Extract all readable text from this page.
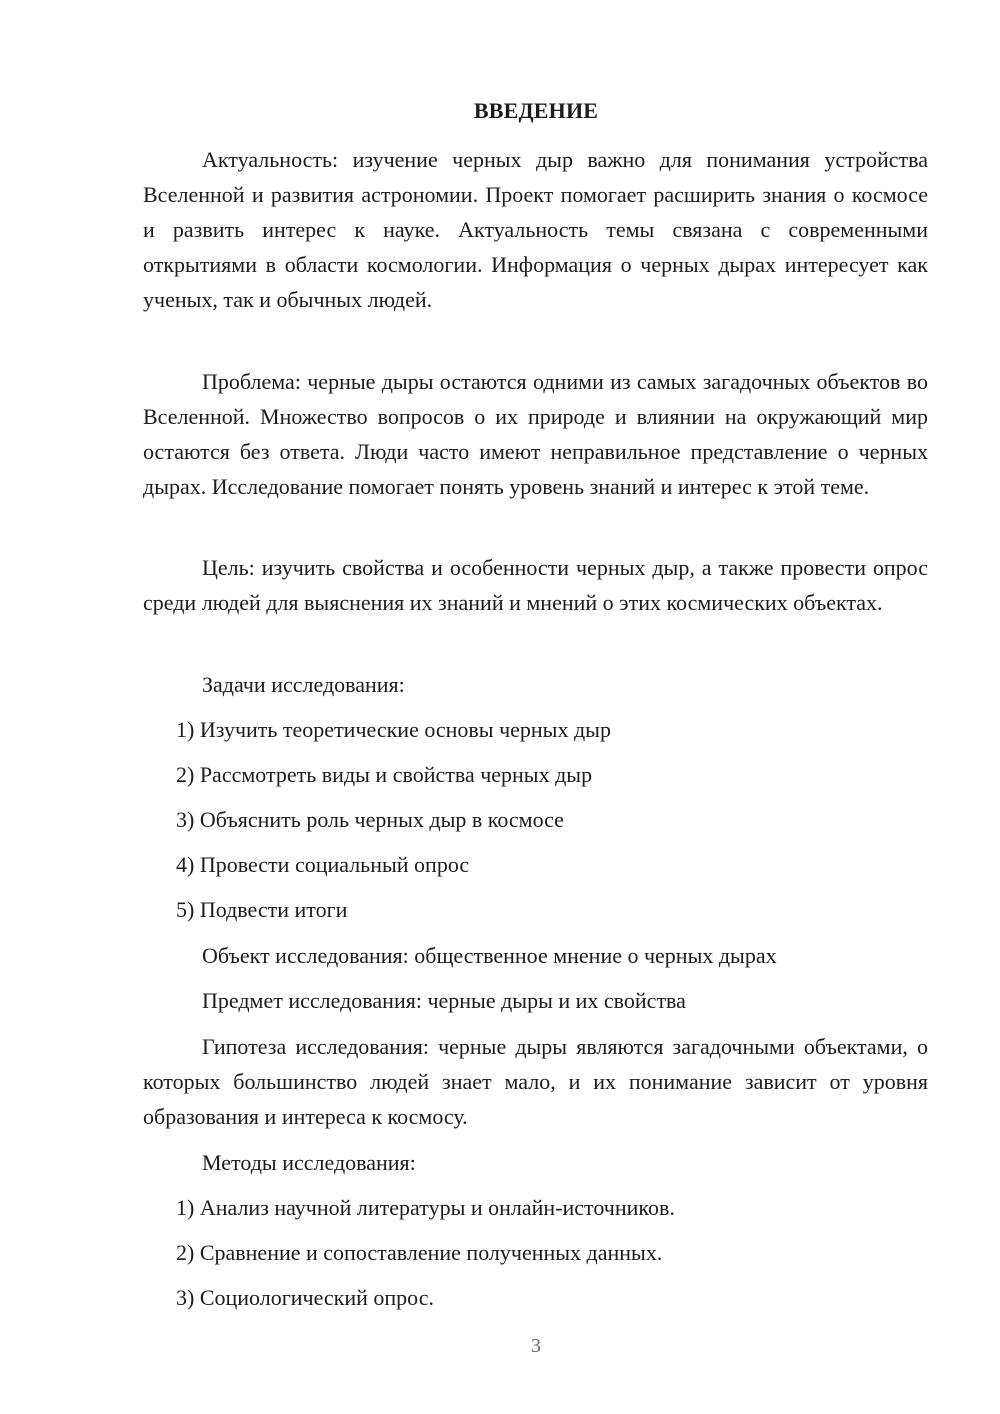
ВВЕДЕНИЕ

Актуальность: изучение черных дыр важно для понимания устройства Вселенной и развития астрономии. Проект помогает расширить знания о космосе и развить интерес к науке. Актуальность темы связана с современными открытиями в области космологии. Информация о черных дырах интересует как ученых, так и обычных людей.

Проблема: черные дыры остаются одними из самых загадочных объектов во Вселенной. Множество вопросов о их природе и влиянии на окружающий мир остаются без ответа. Люди часто имеют неправильное представление о черных дырах. Исследование помогает понять уровень знаний и интерес к этой теме.

Цель: изучить свойства и особенности черных дыр, а также провести опрос среди людей для выяснения их знаний и мнений о этих космических объектах.

Задачи исследования:

1) Изучить теоретические основы черных дыр

2) Рассмотреть виды и свойства черных дыр

3) Объяснить роль черных дыр в космосе

4) Провести социальный опрос

5) Подвести итоги

Объект исследования: общественное мнение о черных дырах

Предмет исследования: черные дыры и их свойства

Гипотеза исследования: черные дыры являются загадочными объектами, о которых большинство людей знает мало, и их понимание зависит от уровня образования и интереса к космосу.

Методы исследования:

1) Анализ научной литературы и онлайн-источников.

2) Сравнение и сопоставление полученных данных.

3) Социологический опрос.

3
